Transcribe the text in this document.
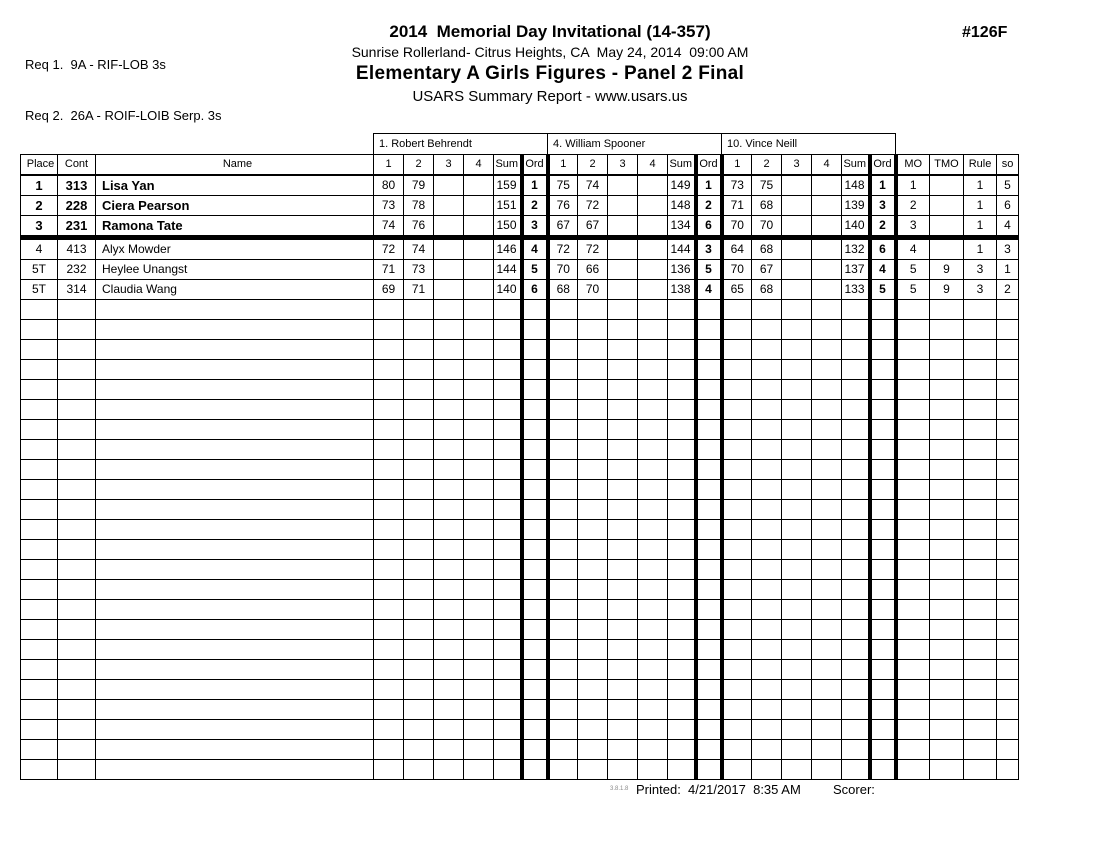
Req 1.  9A - RIF-LOB 3s

Req 2.  26A - ROIF-LOIB Serp. 3s

2014  Memorial Day Invitational (14-357)
Sunrise Rollerland- Citrus Heights, CA  May 24, 2014  09:00 AM
Elementary A Girls Figures - Panel 2 Final
USARS Summary Report - www.usars.us
#126F
			1. Robert Behrendt						4. William Spooner						10. Vince Neill									
Place	Cont	Name	1	2	3	4	Sum	Ord	1	2	3	4	Sum	Ord	1	2	3	4	Sum	Ord	MO	TMO	Rule	so
1	313	Lisa Yan	80	79			159	1	75	74			149	1	73	75			148	1	1		1	5
2	228	Ciera Pearson	73	78			151	2	76	72			148	2	71	68			139	3	2		1	6
3	231	Ramona Tate	74	76			150	3	67	67			134	6	70	70			140	2	3		1	4
4	413	Alyx Mowder	72	74			146	4	72	72			144	3	64	68			132	6	4		1	3
5T	232	Heylee Unangst	71	73			144	5	70	66			136	5	70	67			137	4	5	9	3	1
5T	314	Claudia Wang	69	71			140	6	68	70			138	4	65	68			133	5	5	9	3	2

3.8.1.8 Printed:  4/21/2017  8:35 AM Scorer:
